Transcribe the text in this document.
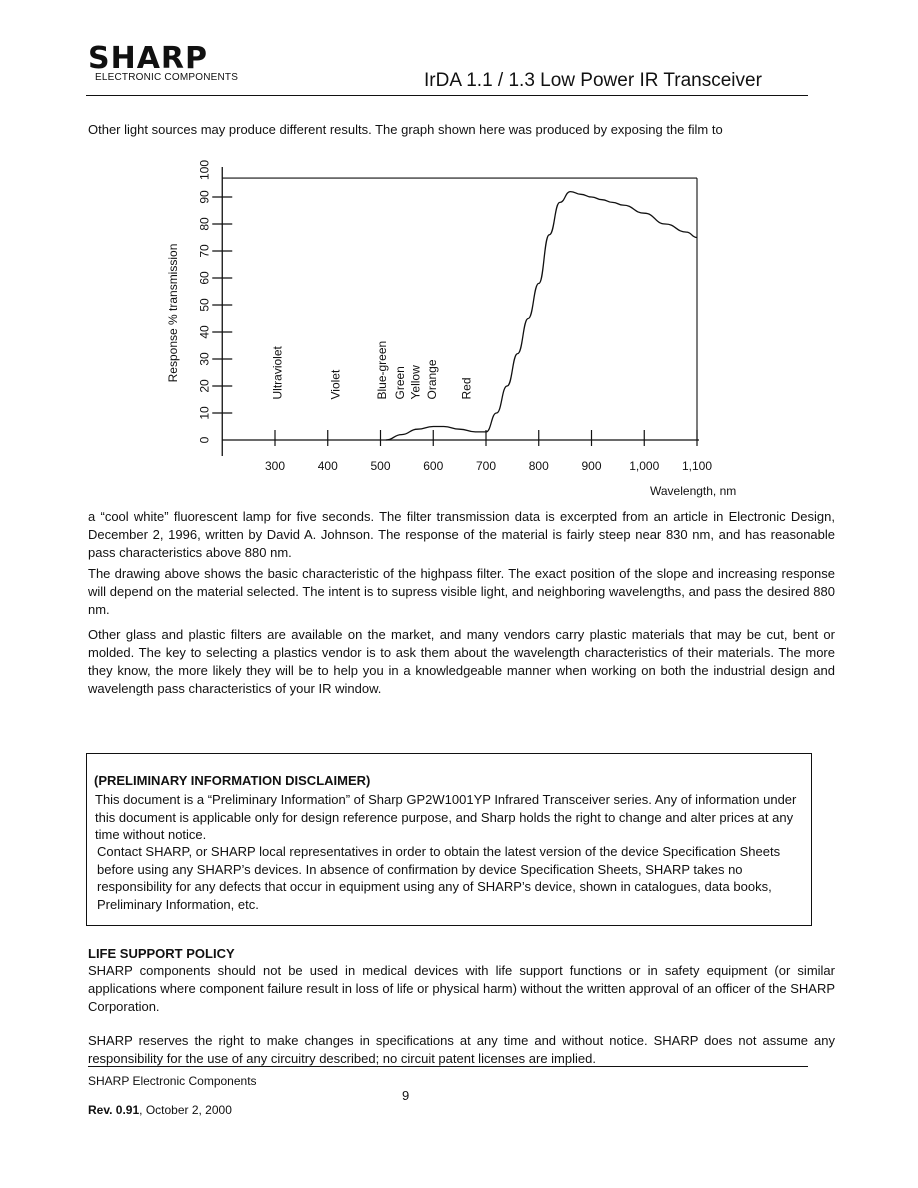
SHARP
ELECTRONIC COMPONENTS	IrDA 1.1 / 1.3 Low Power IR Transceiver
Other light sources may produce different results. The graph shown here was produced by exposing the film to
0
10
20
30
40
50
60
70
80
90
100
300	400	500	600	700	800	900 1,000 1,100
Ultraviolet	Violet	Blue-green Green Yellow Orange Red
Response % transmission
Wavelength, nm
a “cool white” fluorescent lamp for five seconds. The filter transmission data is excerpted from an article in Electronic Design, December 2, 1996, written by David A. Johnson. The response of the material is fairly steep near 830 nm, and has reasonable pass characteristics above 880 nm.
The drawing above shows the basic characteristic of the highpass filter. The exact position of the slope and increasing response will depend on the material selected. The intent is to supress visible light, and neighboring wavelengths, and pass the desired 880 nm.
Other glass and plastic filters are available on the market, and many vendors carry plastic materials that may be cut, bent or molded. The key to selecting a plastics vendor is to ask them about the wavelength characteristics of their materials. The more they know, the more likely they will be to help you in a knowledgeable manner when working on both the industrial design and wavelength pass characteristics of your IR window.
(PRELIMINARY INFORMATION DISCLAIMER)
This document is a “Preliminary Information” of Sharp GP2W1001YP Infrared Transceiver series. Any of information under this document is applicable only for design reference purpose, and Sharp holds the right to change and alter prices at any time without notice.
Contact SHARP, or SHARP local representatives in order to obtain the latest version of the device Specification Sheets before using any SHARP’s devices. In absence of confirmation by device Specification Sheets, SHARP takes no responsibility for any defects that occur in equipment using any of SHARP’s device, shown in catalogues, data books, Preliminary Information, etc.
LIFE SUPPORT POLICY
SHARP components should not be used in medical devices with life support functions or in safety equipment (or similar applications where component failure result in loss of life or physical harm) without the written approval of an officer of the SHARP Corporation.
SHARP reserves the right to make changes in specifications at any time and without notice. SHARP does not assume any responsibility for the use of any circuitry described; no circuit patent licenses are implied.
SHARP Electronic Components
9
Rev. 0.91, October 2, 2000
